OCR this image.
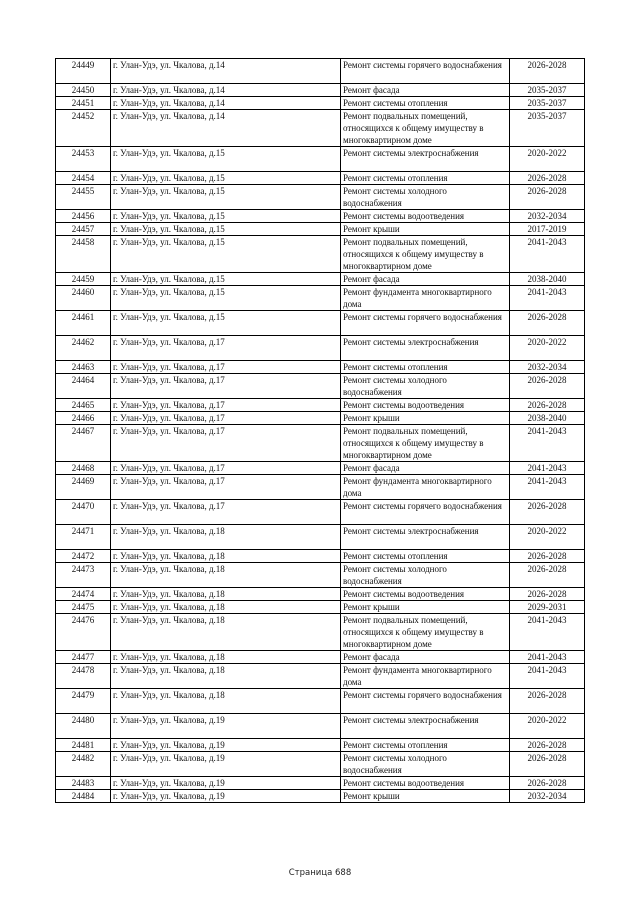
24449	г. Улан-Удэ, ул. Чкалова, д.14	Ремонт системы горячего водоснабжения	2026-2028
24450	г. Улан-Удэ, ул. Чкалова, д.14	Ремонт фасада	2035-2037
24451	г. Улан-Удэ, ул. Чкалова, д.14	Ремонт системы отопления	2035-2037
24452	г. Улан-Удэ, ул. Чкалова, д.14	Ремонт подвальных помещений, относящихся к общему имуществу в многоквартирном доме	2035-2037
24453	г. Улан-Удэ, ул. Чкалова, д.15	Ремонт системы электроснабжения	2020-2022
24454	г. Улан-Удэ, ул. Чкалова, д.15	Ремонт системы отопления	2026-2028
24455	г. Улан-Удэ, ул. Чкалова, д.15	Ремонт системы холодного водоснабжения	2026-2028
24456	г. Улан-Удэ, ул. Чкалова, д.15	Ремонт системы водоотведения	2032-2034
24457	г. Улан-Удэ, ул. Чкалова, д.15	Ремонт крыши	2017-2019
24458	г. Улан-Удэ, ул. Чкалова, д.15	Ремонт подвальных помещений, относящихся к общему имуществу в многоквартирном доме	2041-2043
24459	г. Улан-Удэ, ул. Чкалова, д.15	Ремонт фасада	2038-2040
24460	г. Улан-Удэ, ул. Чкалова, д.15	Ремонт фундамента многоквартирного дома	2041-2043
24461	г. Улан-Удэ, ул. Чкалова, д.15	Ремонт системы горячего водоснабжения	2026-2028
24462	г. Улан-Удэ, ул. Чкалова, д.17	Ремонт системы электроснабжения	2020-2022
24463	г. Улан-Удэ, ул. Чкалова, д.17	Ремонт системы отопления	2032-2034
24464	г. Улан-Удэ, ул. Чкалова, д.17	Ремонт системы холодного водоснабжения	2026-2028
24465	г. Улан-Удэ, ул. Чкалова, д.17	Ремонт системы водоотведения	2026-2028
24466	г. Улан-Удэ, ул. Чкалова, д.17	Ремонт крыши	2038-2040
24467	г. Улан-Удэ, ул. Чкалова, д.17	Ремонт подвальных помещений, относящихся к общему имуществу в многоквартирном доме	2041-2043
24468	г. Улан-Удэ, ул. Чкалова, д.17	Ремонт фасада	2041-2043
24469	г. Улан-Удэ, ул. Чкалова, д.17	Ремонт фундамента многоквартирного дома	2041-2043
24470	г. Улан-Удэ, ул. Чкалова, д.17	Ремонт системы горячего водоснабжения	2026-2028
24471	г. Улан-Удэ, ул. Чкалова, д.18	Ремонт системы электроснабжения	2020-2022
24472	г. Улан-Удэ, ул. Чкалова, д.18	Ремонт системы отопления	2026-2028
24473	г. Улан-Удэ, ул. Чкалова, д.18	Ремонт системы холодного водоснабжения	2026-2028
24474	г. Улан-Удэ, ул. Чкалова, д.18	Ремонт системы водоотведения	2026-2028
24475	г. Улан-Удэ, ул. Чкалова, д.18	Ремонт крыши	2029-2031
24476	г. Улан-Удэ, ул. Чкалова, д.18	Ремонт подвальных помещений, относящихся к общему имуществу в многоквартирном доме	2041-2043
24477	г. Улан-Удэ, ул. Чкалова, д.18	Ремонт фасада	2041-2043
24478	г. Улан-Удэ, ул. Чкалова, д.18	Ремонт фундамента многоквартирного дома	2041-2043
24479	г. Улан-Удэ, ул. Чкалова, д.18	Ремонт системы горячего водоснабжения	2026-2028
24480	г. Улан-Удэ, ул. Чкалова, д.19	Ремонт системы электроснабжения	2020-2022
24481	г. Улан-Удэ, ул. Чкалова, д.19	Ремонт системы отопления	2026-2028
24482	г. Улан-Удэ, ул. Чкалова, д.19	Ремонт системы холодного водоснабжения	2026-2028
24483	г. Улан-Удэ, ул. Чкалова, д.19	Ремонт системы водоотведения	2026-2028
24484	г. Улан-Удэ, ул. Чкалова, д.19	Ремонт крыши	2032-2034
Страница 688
